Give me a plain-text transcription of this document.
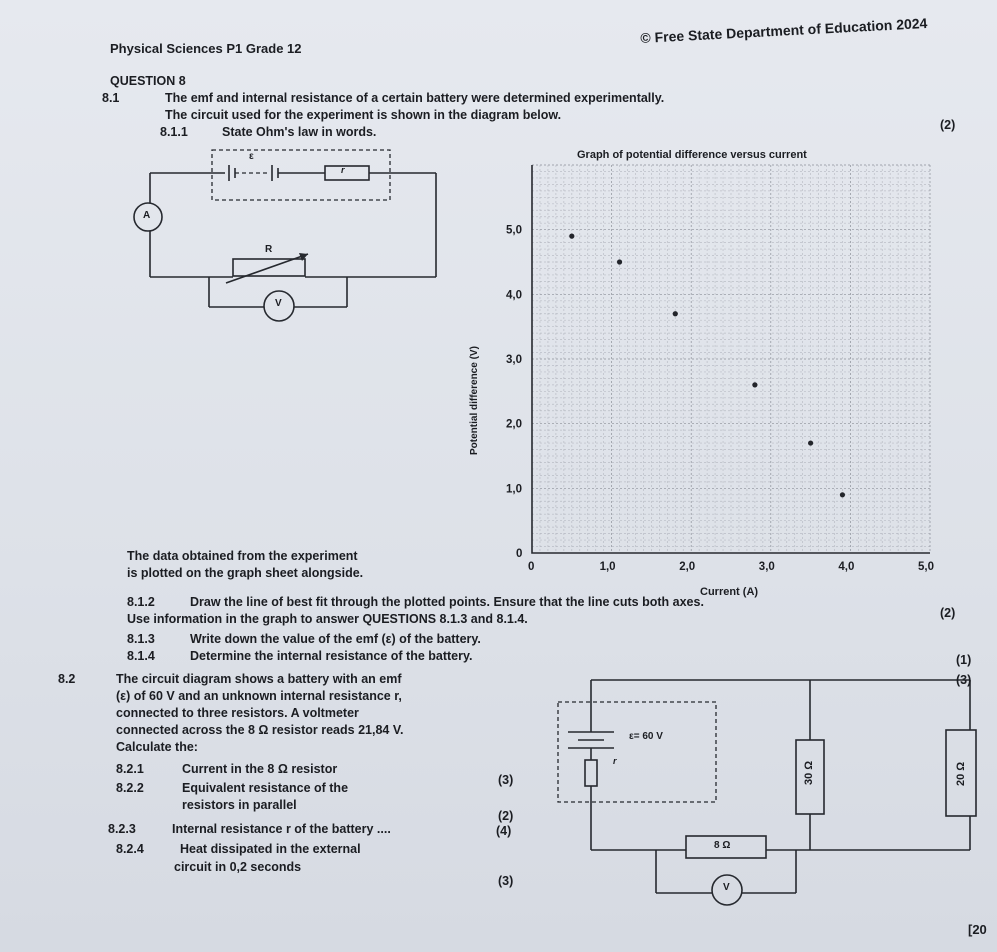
Physical Sciences P1 Grade 12
© Free State Department of Education 2024
QUESTION 8
8.1	The emf and internal resistance of a certain battery were determined experimentally.
The circuit used for the experiment is shown in the diagram below.
8.1.1	State Ohm's law in words.	(2)
0	1,0	2,0	3,0	4,0	5,0
0
1,0
2,0
3,0
4,0
5,0
ε
r
A
R
V
Graph of potential difference versus current
Current (A)
Potential difference (V)
The data obtained from the experiment
is plotted on the graph sheet alongside.
8.1.2	Draw the line of best fit through the plotted points. Ensure that the line cuts both axes.
(2)
Use information in the graph to answer QUESTIONS 8.1.3 and 8.1.4.
8.1.3	Write down the value of the emf (ε) of the battery.
(1)
8.1.4	Determine the internal resistance of the battery.
(3)
8.2	The circuit diagram shows a battery with an emf
(ε) of 60 V and an unknown internal resistance r,
connected to three resistors. A voltmeter
connected across the 8 Ω resistor reads 21,84 V.
Calculate the:
8.2.1	Current in the 8 Ω resistor
(3)
8.2.2	Equivalent resistance of the
resistors in parallel
(2)
8.2.3	Internal resistance r of the battery ....	(4)
8.2.4	Heat dissipated in the external
circuit in 0,2 seconds
(3)
ε= 60 V
r	30 Ω	20 Ω
8 Ω
V
[20
